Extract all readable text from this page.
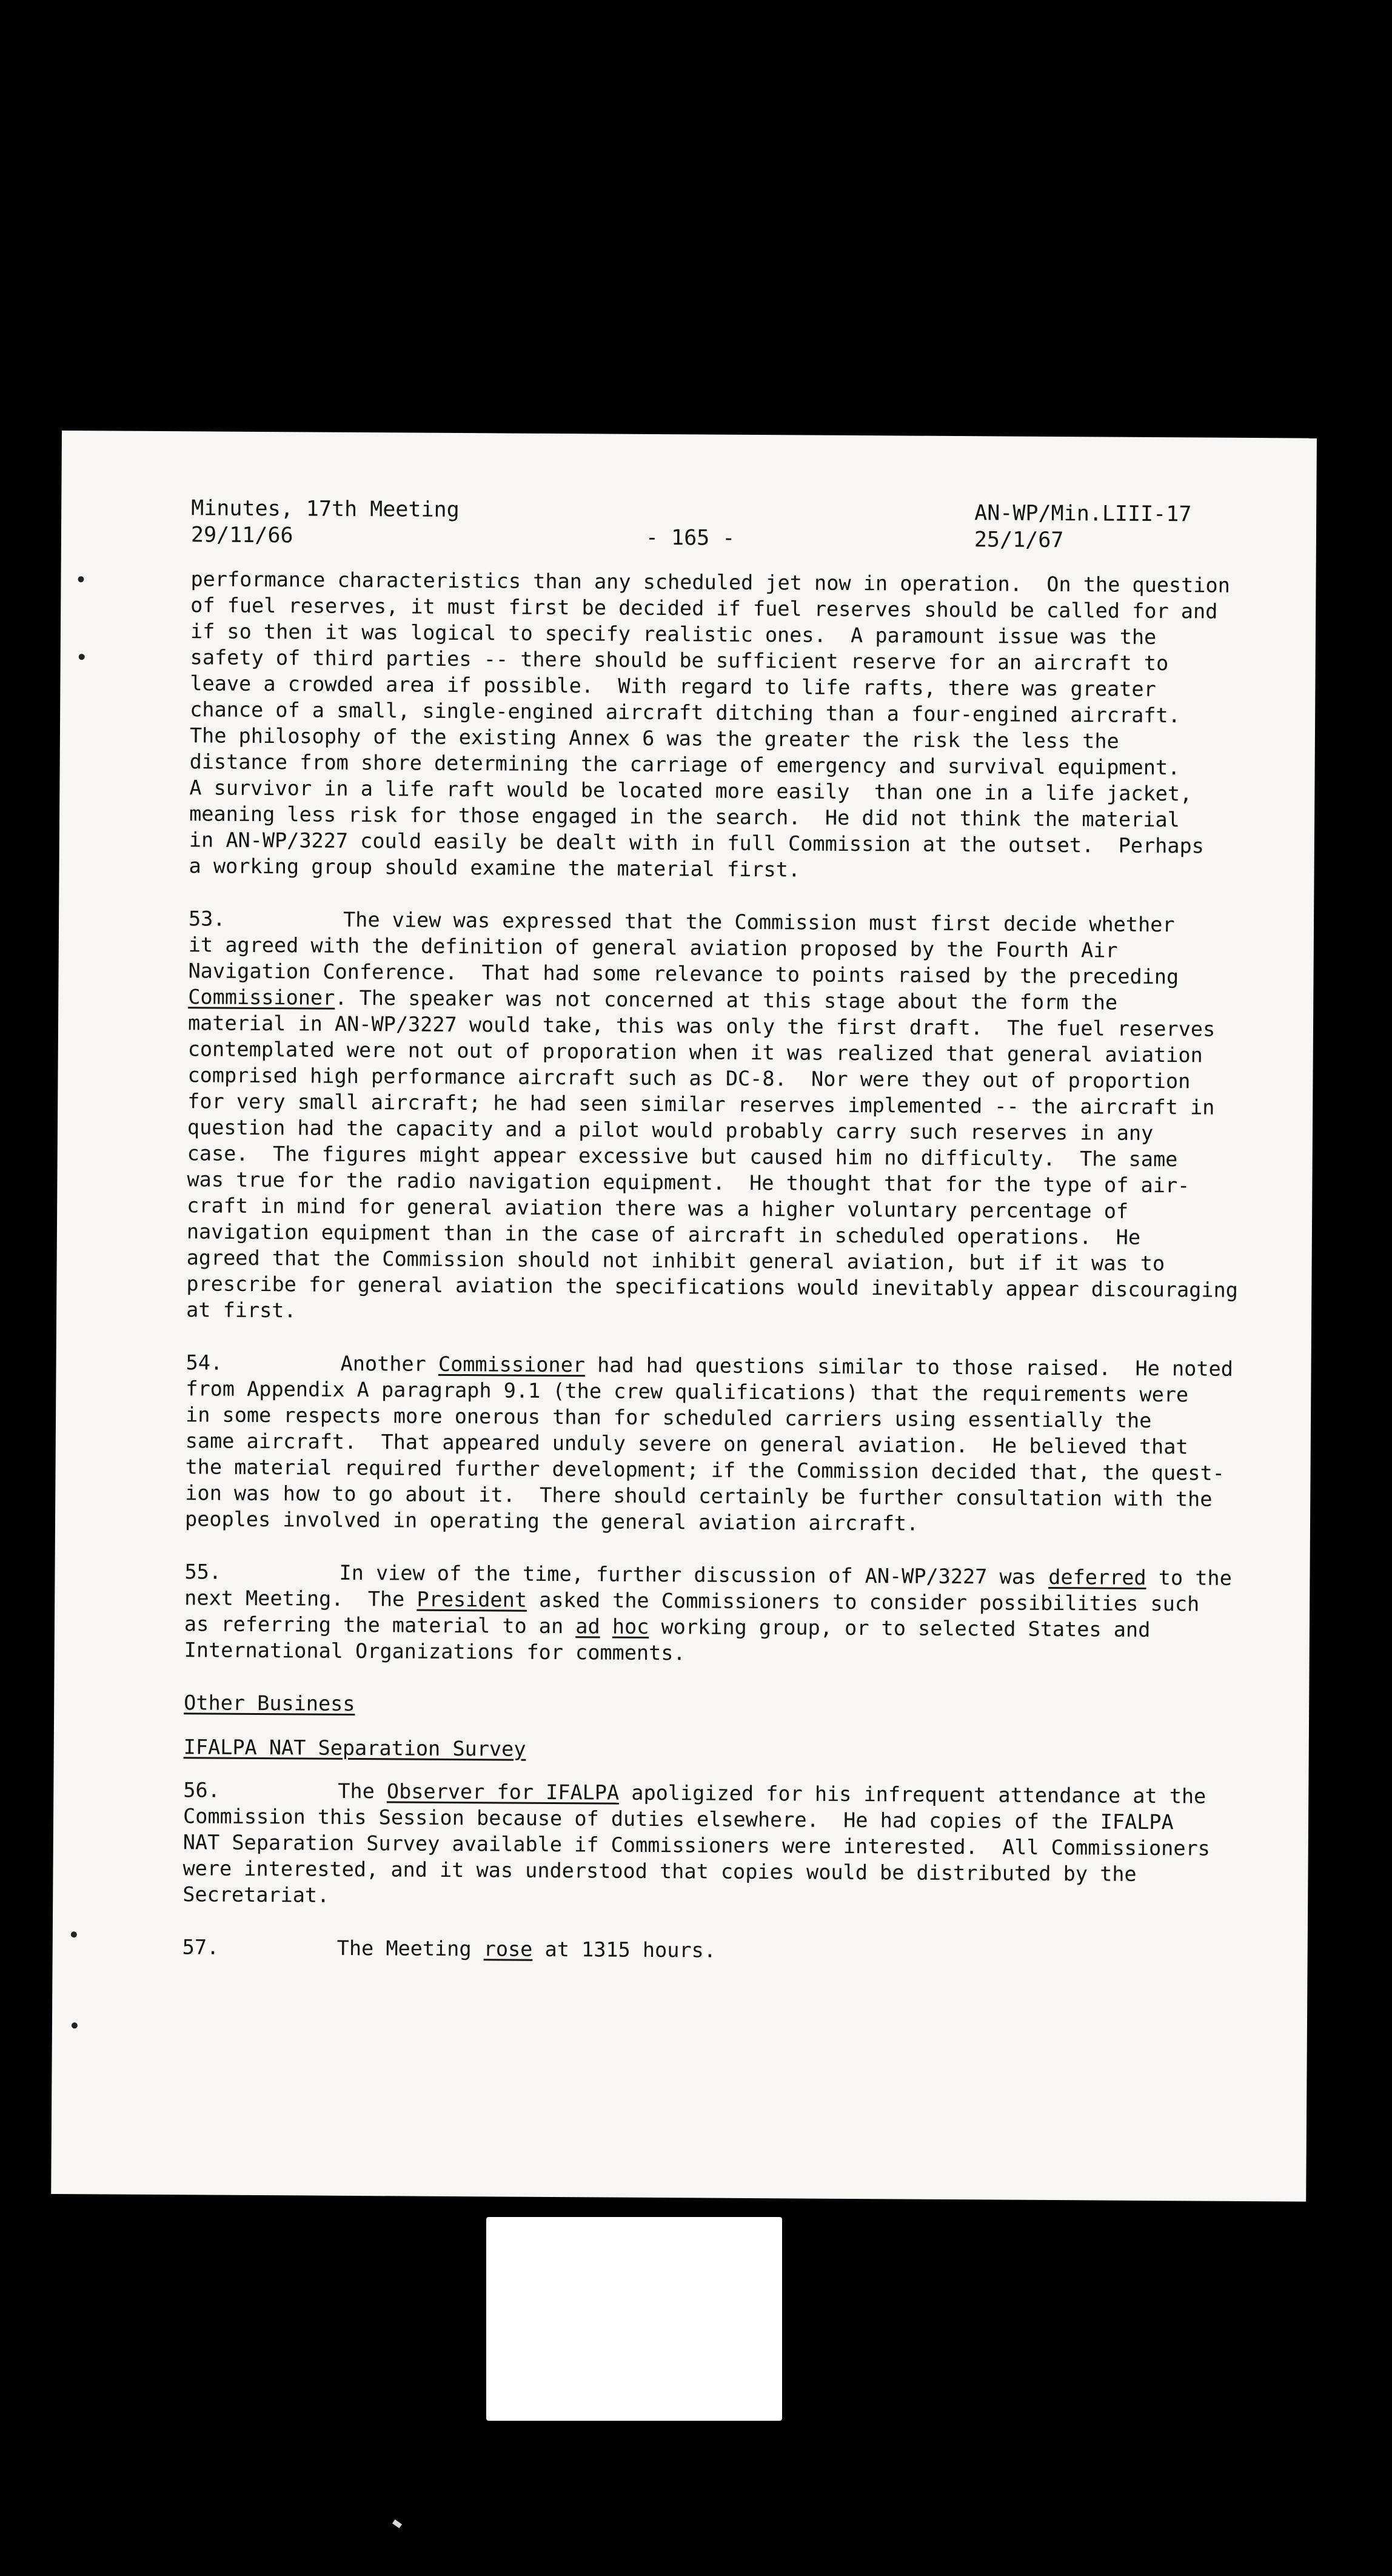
Minutes, 17th Meeting
29/11/66	- 165 -
AN-WP/Min.LIII-17
25/1/67

performance characteristics than any scheduled jet now in operation.  On the question

of fuel reserves, it must first be decided if fuel reserves should be called for and

if so then it was logical to specify realistic ones.  A paramount issue was the

safety of third parties -- there should be sufficient reserve for an aircraft to

leave a crowded area if possible.  With regard to life rafts, there was greater

chance of a small, single-engined aircraft ditching than a four-engined aircraft.

The philosophy of the existing Annex 6 was the greater the risk the less the

distance from shore determining the carriage of emergency and survival equipment.

A survivor in a life raft would be located more easily  than one in a life jacket,

meaning less risk for those engaged in the search.  He did not think the material

in AN-WP/3227 could easily be dealt with in full Commission at the outset.  Perhaps

a working group should examine the material first.

53.	The view was expressed that the Commission must first decide whether

it agreed with the definition of general aviation proposed by the Fourth Air

Navigation Conference.  That had some relevance to points raised by the preceding

Commissioner. The speaker was not concerned at this stage about the form the

material in AN-WP/3227 would take, this was only the first draft.  The fuel reserves

contemplated were not out of proporation when it was realized that general aviation

comprised high performance aircraft such as DC-8.  Nor were they out of proportion

for very small aircraft; he had seen similar reserves implemented -- the aircraft in

question had the capacity and a pilot would probably carry such reserves in any

case.  The figures might appear excessive but caused him no difficulty.  The same

was true for the radio navigation equipment.  He thought that for the type of air-

craft in mind for general aviation there was a higher voluntary percentage of

navigation equipment than in the case of aircraft in scheduled operations.  He

agreed that the Commission should not inhibit general aviation, but if it was to

prescribe for general aviation the specifications would inevitably appear discouraging

at first.

54.	Another Commissioner had had questions similar to those raised.  He noted

from Appendix A paragraph 9.1 (the crew qualifications) that the requirements were

in some respects more onerous than for scheduled carriers using essentially the

same aircraft.  That appeared unduly severe on general aviation.  He believed that

the material required further development; if the Commission decided that, the quest-

ion was how to go about it.  There should certainly be further consultation with the

peoples involved in operating the general aviation aircraft.

55.	In view of the time, further discussion of AN-WP/3227 was deferred to the

next Meeting.  The President asked the Commissioners to consider possibilities such

as referring the material to an ad hoc working group, or to selected States and

International Organizations for comments.

Other Business

IFALPA NAT Separation Survey

56.	The Observer for IFALPA apoligized for his infrequent attendance at the

Commission this Session because of duties elsewhere.  He had copies of the IFALPA

NAT Separation Survey available if Commissioners were interested.  All Commissioners

were interested, and it was understood that copies would be distributed by the

Secretariat.

57.	The Meeting rose at 1315 hours.
